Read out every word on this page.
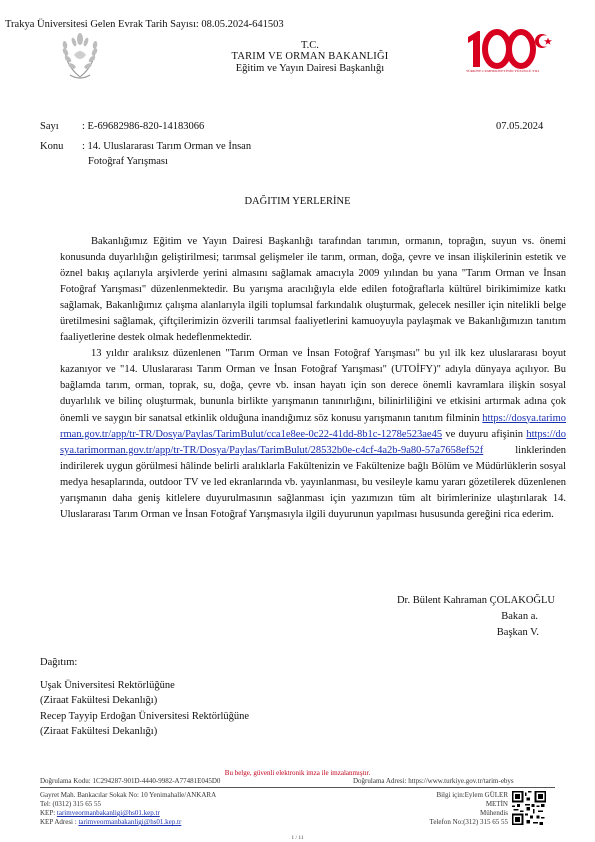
Trakya Üniversitesi Gelen Evrak Tarih Sayısı: 08.05.2024-641503
T.C.
TARIM VE ORMAN BAKANLIĞI
Eğitim ve Yayın Dairesi Başkanlığı	TÜRKİYE CUMHURİYETİ'NİN YÜZÜNCÜ YILI
Sayı : E-69682986-820-14183066	07.05.2024
Konu : 14. Uluslararası Tarım Orman ve İnsan
Fotoğraf Yarışması
DAĞITIM YERLERİNE

Bakanlığımız Eğitim ve Yayın Dairesi Başkanlığı tarafından tarımın, ormanın, toprağın, suyun vs. önemi konusunda duyarlılığın geliştirilmesi; tarımsal gelişmeler ile tarım, orman, doğa, çevre ve insan ilişkilerinin estetik ve öznel bakış açılarıyla arşivlerde yerini almasını sağlamak amacıyla 2009 yılından bu yana "Tarım Orman ve İnsan Fotoğraf Yarışması" düzenlenmektedir. Bu yarışma aracılığıyla elde edilen fotoğraflarla kültürel birikimimize katkı sağlamak, Bakanlığımız çalışma alanlarıyla ilgili toplumsal farkındalık oluşturmak, gelecek nesiller için nitelikli belge üretilmesini sağlamak, çiftçilerimizin özverili tarımsal faaliyetlerini kamuoyuyla paylaşmak ve Bakanlığımızın tanıtım faaliyetlerine destek olmak hedeflenmektedir.

13 yıldır aralıksız düzenlenen "Tarım Orman ve İnsan Fotoğraf Yarışması" bu yıl ilk kez uluslararası boyut kazanıyor ve "14. Uluslararası Tarım Orman ve İnsan Fotoğraf Yarışması" (UTOİFY)" adıyla dünyaya açılıyor. Bu bağlamda tarım, orman, toprak, su, doğa, çevre vb. insan hayatı için son derece önemli kavramlara ilişkin sosyal duyarlılık ve bilinç oluşturmak, bununla birlikte yarışmanın tanınırlığını, bilinirliliğini ve etkisini artırmak adına çok önemli ve saygın bir sanatsal etkinlik olduğuna inandığımız söz konusu yarışmanın tanıtım filminin https://dosya.tarimorman.gov.tr/app/tr-TR/Dosya/Paylas/TarimBulut/cca1e8ee-0c22-41dd-8b1c-1278e523ae45 ve duyuru afişinin https://dosya.tarimorman.gov.tr/app/tr-TR/Dosya/Paylas/TarimBulut/28532b0e-c4cf-4a2b-9a80-57a7658ef52f linklerinden indirilerek uygun görülmesi hâlinde belirli aralıklarla Fakültenizin ve Fakültenize bağlı Bölüm ve Müdürlüklerin sosyal medya hesaplarında, outdoor TV ve led ekranlarında vb. yayınlanması, bu vesileyle kamu yararı gözetilerek düzenlenen yarışmanın daha geniş kitlelere duyurulmasının sağlanması için yazımızın tüm alt birimlerinize ulaştırılarak 14. Uluslararası Tarım Orman ve İnsan Fotoğraf Yarışmasıyla ilgili duyurunun yapılması hususunda gereğini rica ederim.

Dr. Bülent Kahraman ÇOLAKOĞLU
Bakan a.
Başkan V.
Dağıtım:
Uşak Üniversitesi Rektörlüğüne
(Ziraat Fakültesi Dekanlığı)
Recep Tayyip Erdoğan Üniversitesi Rektörlüğüne
(Ziraat Fakültesi Dekanlığı)
Bu belge, güvenli elektronik imza ile imzalanmıştır.
Doğrulama Kodu: 1C294287-901D-4440-9982-A77481E045D0	Doğrulama Adresi: https://www.turkiye.gov.tr/tarim-ebys
Gayret Mah. Bankacılar Sokak No: 10 Yenimahalle/ANKARA
Tel: (0312) 315 65 55
KEP: tarimveormanbakanligi@hs01.kep.tr
KEP Adresi : tarimveormanbakanligi@hs01.kep.tr
Bilgi için:Eylem GÜLER
METİN
Mühendis
Telefon No:(312) 315 65 55
1 / 11
